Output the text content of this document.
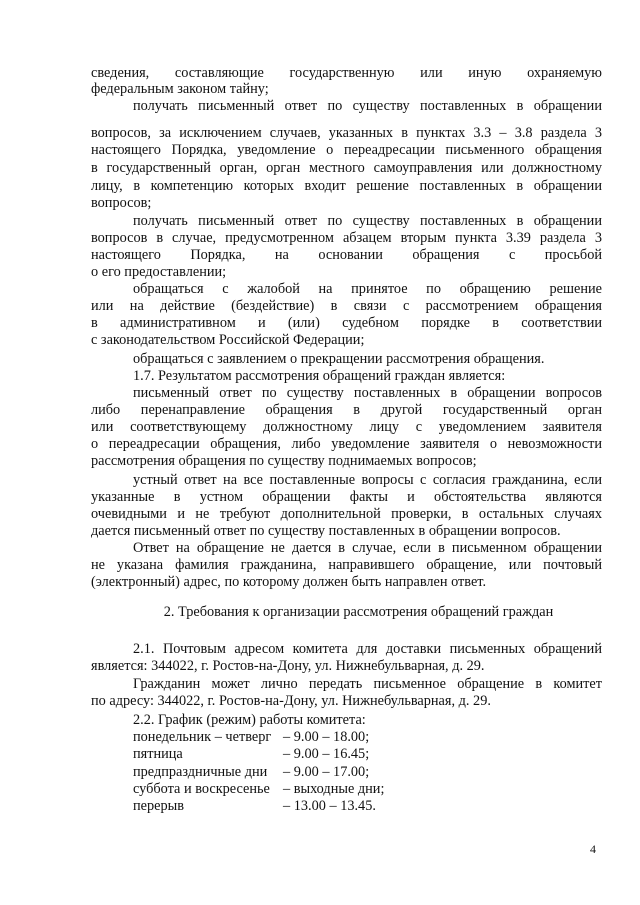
сведения, составляющие государственную или иную охраняемую
федеральным законом тайну;
получать письменный ответ по существу поставленных в обращении
вопросов, за исключением случаев, указанных в пунктах 3.3 – 3.8 раздела 3
настоящего Порядка, уведомление о переадресации письменного обращения
в государственный орган, орган местного самоуправления или должностному
лицу, в компетенцию которых входит решение поставленных в обращении
вопросов;
получать письменный ответ по существу поставленных в обращении
вопросов в случае, предусмотренном абзацем вторым пункта 3.39 раздела 3
настоящего Порядка, на основании обращения с просьбой
о его предоставлении;
обращаться с жалобой на принятое по обращению решение
или на действие (бездействие) в связи с рассмотрением обращения
в административном и (или) судебном порядке в соответствии
с законодательством Российской Федерации;
обращаться с заявлением о прекращении рассмотрения обращения.
1.7. Результатом рассмотрения обращений граждан является:
письменный ответ по существу поставленных в обращении вопросов
либо перенаправление обращения в другой государственный орган
или соответствующему должностному лицу с уведомлением заявителя
о переадресации обращения, либо уведомление заявителя о невозможности
рассмотрения обращения по существу поднимаемых вопросов;
устный ответ на все поставленные вопросы с согласия гражданина, если
указанные в устном обращении факты и обстоятельства являются
очевидными и не требуют дополнительной проверки, в остальных случаях
дается письменный ответ по существу поставленных в обращении вопросов.
Ответ на обращение не дается в случае, если в письменном обращении
не указана фамилия гражданина, направившего обращение, или почтовый
(электронный) адрес, по которому должен быть направлен ответ.
2. Требования к организации рассмотрения обращений граждан
2.1. Почтовым адресом комитета для доставки письменных обращений
является: 344022, г. Ростов-на-Дону, ул. Нижнебульварная, д. 29.
Гражданин может лично передать письменное обращение в комитет
по адресу: 344022, г. Ростов-на-Дону, ул. Нижнебульварная, д. 29.
2.2. График (режим) работы комитета:
понедельник – четверг – 9.00 – 18.00;
пятница	– 9.00 – 16.45;
предпраздничные дни – 9.00 – 17.00;
суббота и воскресенье – выходные дни;
перерыв	– 13.00 – 13.45.
4
